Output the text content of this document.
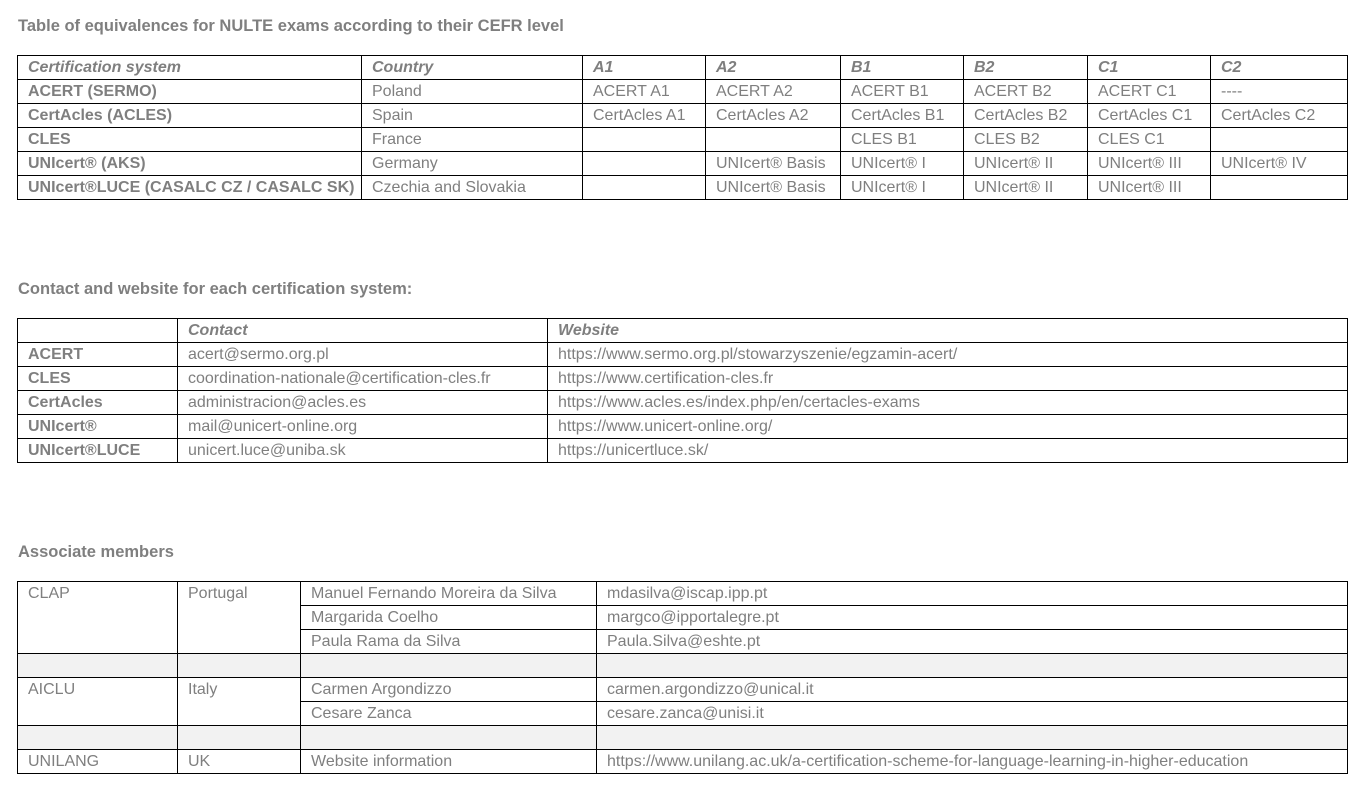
Table of equivalences for NULTE exams according to their CEFR level
Certification system	Country	A1	A2	B1	B2	C1	C2
ACERT (SERMO)	Poland	ACERT A1	ACERT A2	ACERT B1	ACERT B2	ACERT C1	----
CertAcles (ACLES)	Spain	CertAcles A1	CertAcles A2	CertAcles B1	CertAcles B2	CertAcles C1	CertAcles C2
CLES	France			CLES B1	CLES B2	CLES C1	
UNIcert® (AKS)	Germany		UNIcert® Basis	UNIcert® I	UNIcert® II	UNIcert® III	UNIcert® IV
UNIcert®LUCE (CASALC CZ / CASALC SK)	Czechia and Slovakia		UNIcert® Basis	UNIcert® I	UNIcert® II	UNIcert® III	
Contact and website for each certification system:
	Contact	Website
ACERT	acert@sermo.org.pl	https://www.sermo.org.pl/stowarzyszenie/egzamin-acert/
CLES	coordination-nationale@certification-cles.fr	https://www.certification-cles.fr
CertAcles	administracion@acles.es	https://www.acles.es/index.php/en/certacles-exams
UNIcert®	mail@unicert-online.org	https://www.unicert-online.org/
UNIcert®LUCE	unicert.luce@uniba.sk	https://unicertluce.sk/
Associate members
CLAP	Portugal	Manuel Fernando Moreira da Silva	mdasilva@iscap.ipp.pt
		Margarida Coelho	margco@ipportalegre.pt
		Paula Rama da Silva	Paula.Silva@eshte.pt

AICLU	Italy	Carmen Argondizzo	carmen.argondizzo@unical.it
		Cesare Zanca	cesare.zanca@unisi.it

UNILANG	UK	Website information	https://www.unilang.ac.uk/a-certification-scheme-for-language-learning-in-higher-education
